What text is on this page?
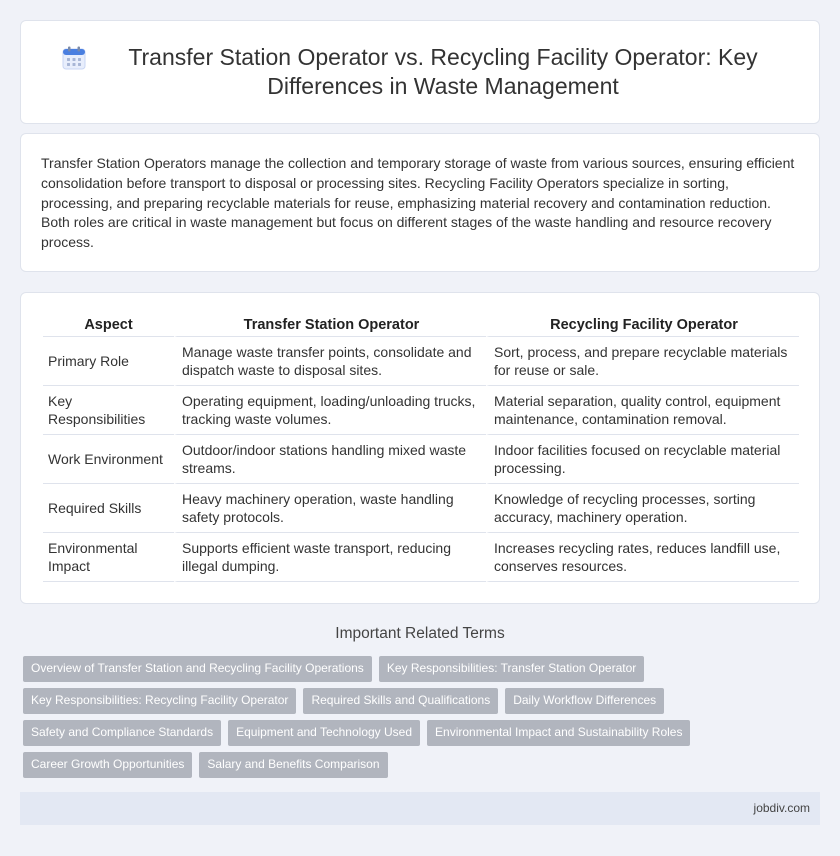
Transfer Station Operator vs. Recycling Facility Operator: Key Differences in Waste Management

Transfer Station Operators manage the collection and temporary storage of waste from various sources, ensuring efficient consolidation before transport to disposal or processing sites. Recycling Facility Operators specialize in sorting, processing, and preparing recyclable materials for reuse, emphasizing material recovery and contamination reduction. Both roles are critical in waste management but focus on different stages of the waste handling and resource recovery process.

Aspect	Transfer Station Operator	Recycling Facility Operator
Primary Role	Manage waste transfer points, consolidate and dispatch waste to disposal sites.	Sort, process, and prepare recyclable materials for reuse or sale.
Key Responsibilities	Operating equipment, loading/unloading trucks, tracking waste volumes.	Material separation, quality control, equipment maintenance, contamination removal.
Work Environment	Outdoor/indoor stations handling mixed waste streams.	Indoor facilities focused on recyclable material processing.
Required Skills	Heavy machinery operation, waste handling safety protocols.	Knowledge of recycling processes, sorting accuracy, machinery operation.
Environmental Impact	Supports efficient waste transport, reducing illegal dumping.	Increases recycling rates, reduces landfill use, conserves resources.
Important Related Terms
Overview of Transfer Station and Recycling Facility Operations	Key Responsibilities: Transfer Station Operator
Key Responsibilities: Recycling Facility Operator	Required Skills and Qualifications	Daily Workflow Differences
Safety and Compliance Standards	Equipment and Technology Used	Environmental Impact and Sustainability Roles
Career Growth Opportunities	Salary and Benefits Comparison
jobdiv.com
